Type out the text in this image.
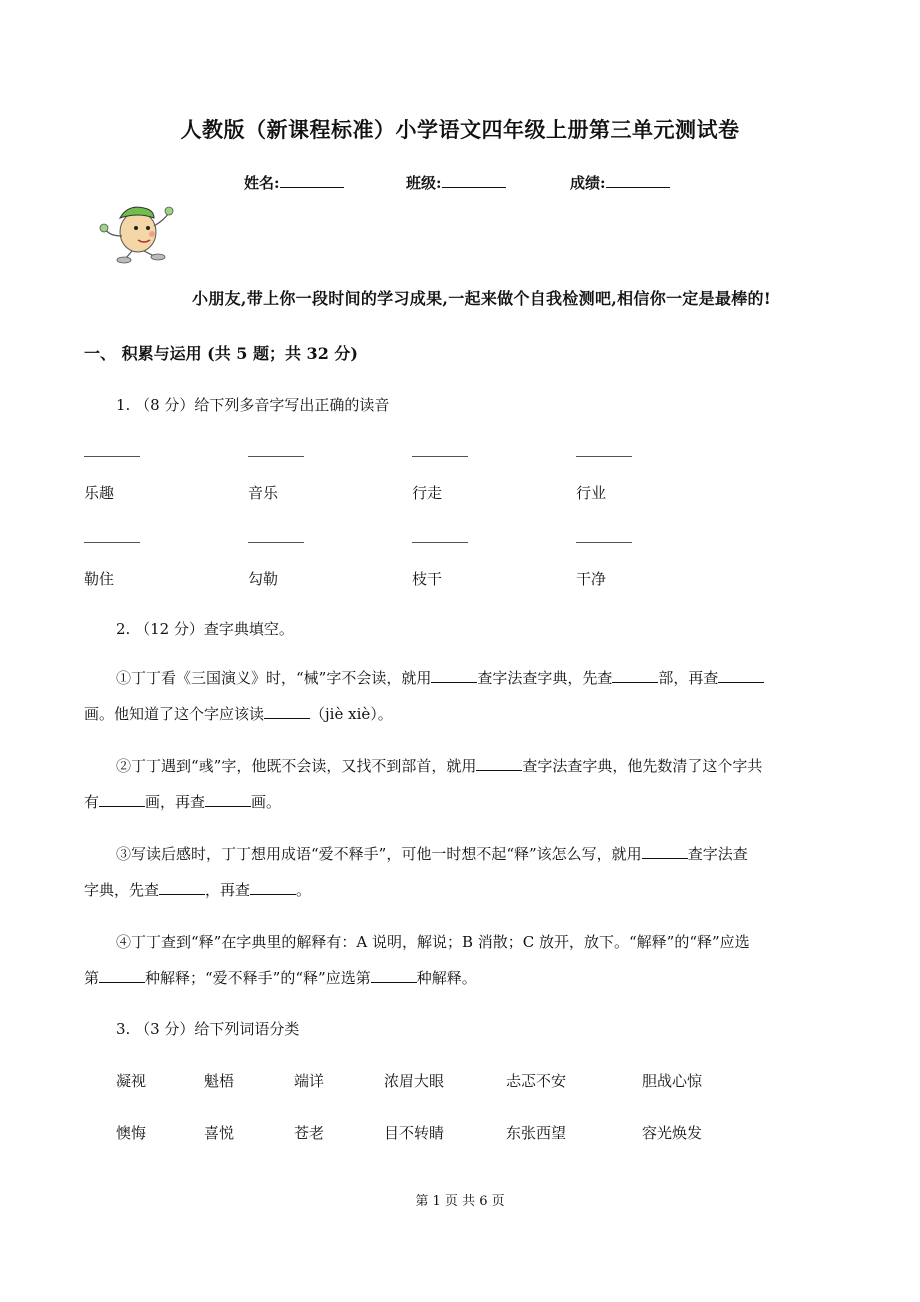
人教版（新课程标准）小学语文四年级上册第三单元测试卷
姓名:	班级:	成绩:
小朋友,带上你一段时间的学习成果,一起来做个自我检测吧,相信你一定是最棒的!
一、 积累与运用 (共 5 题；共 32 分)
1. （8 分）给下列多音字写出正确的读音
乐趣	音乐	行走	行业
勒住	勾勒	枝干	干净
2. （12 分）查字典填空。
①丁丁看《三国演义》时，“械”字不会读，就用	查字法查字典，先查	部，再查
画。他知道了这个字应该读	（jiè xiè）。
②丁丁遇到“彧”字，他既不会读，又找不到部首，就用	查字法查字典，他先数清了这个字共
有	画，再查	画。
③写读后感时，丁丁想用成语“爱不释手”，可他一时想不起“释”该怎么写，就用	查字法查
字典，先查	，再查	。
④丁丁查到“释”在字典里的解释有：A 说明，解说；B 消散；C 放开，放下。“解释”的“释”应选
第	种解释；“爱不释手”的“释”应选第	种解释。
3. （3 分）给下列词语分类
凝视	魁梧	端详	浓眉大眼	忐忑不安	胆战心惊
懊悔	喜悦	苍老	目不转睛	东张西望	容光焕发
第 1 页 共 6 页
